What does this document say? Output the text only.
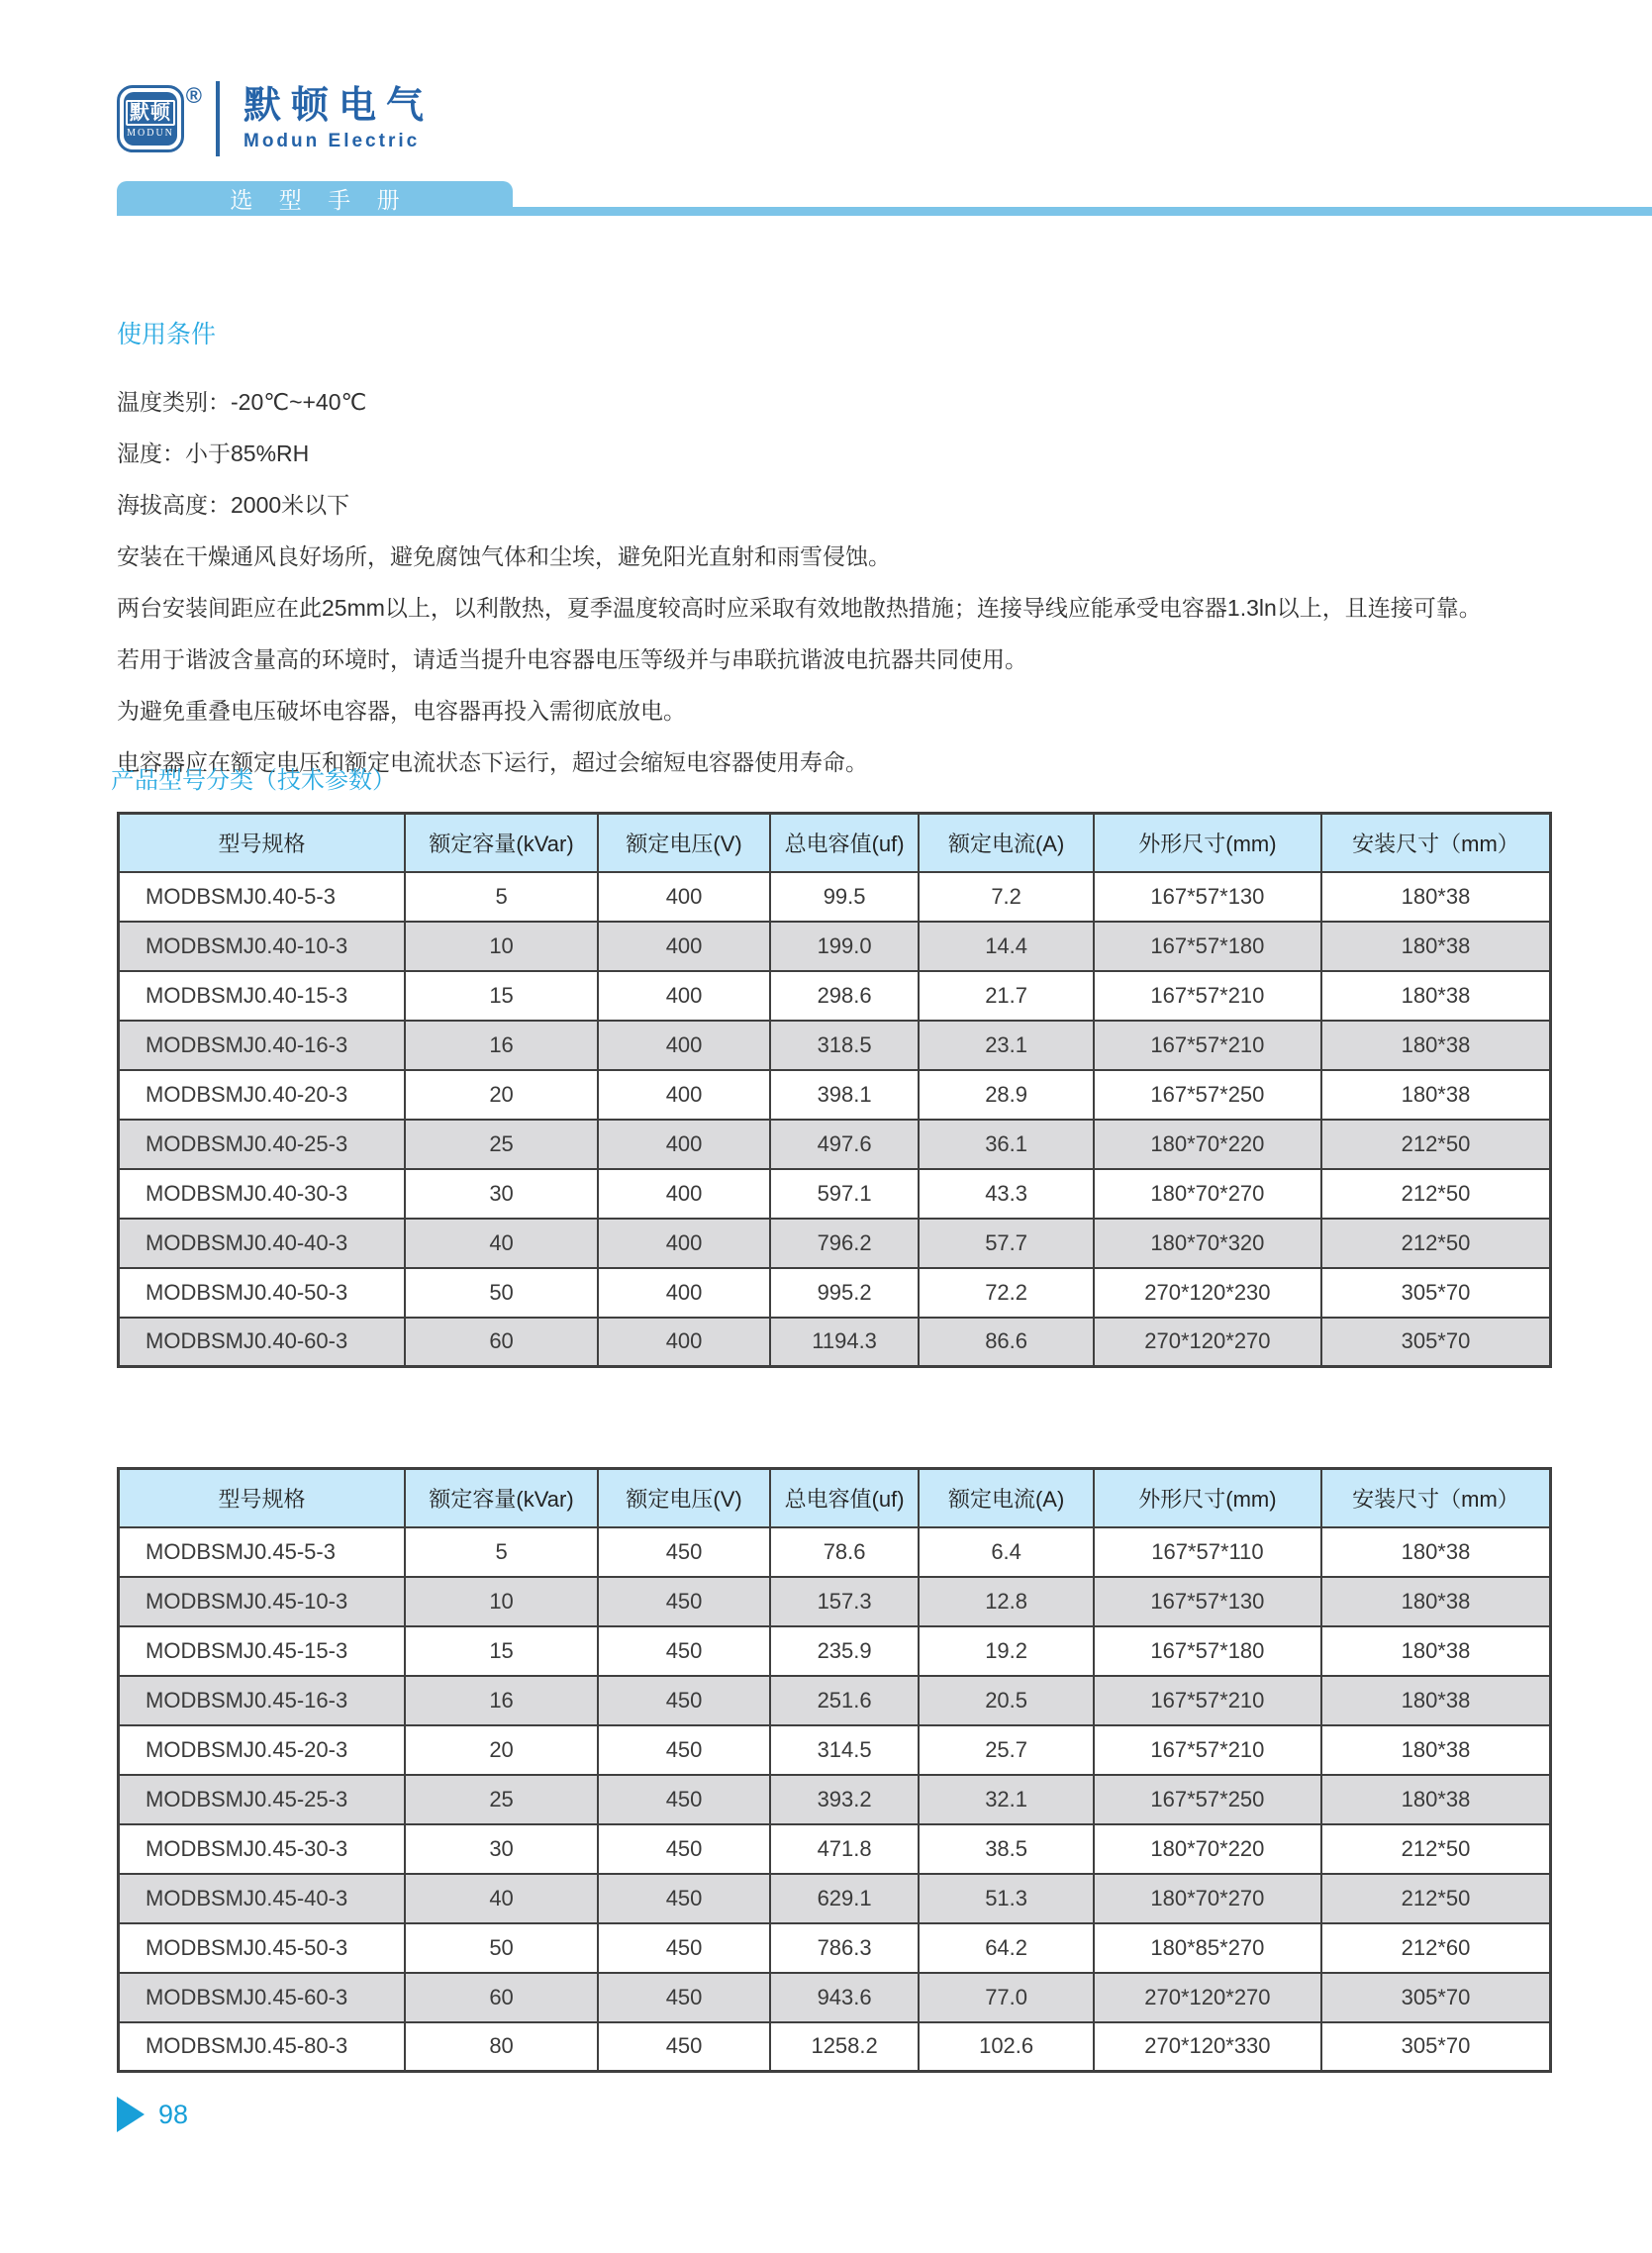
默顿
MODUN
® 默顿电气
Modun Electric
选 型 手 册
使用条件

温度类别：-20℃~+40℃

湿度：小于85%RH

海拔高度：2000米以下

安装在干燥通风良好场所，避免腐蚀气体和尘埃，避免阳光直射和雨雪侵蚀。

两台安装间距应在此25mm以上，以利散热，夏季温度较高时应采取有效地散热措施；连接导线应能承受电容器1.3ln以上，且连接可靠。

若用于谐波含量高的环境时，请适当提升电容器电压等级并与串联抗谐波电抗器共同使用。

为避免重叠电压破坏电容器，电容器再投入需彻底放电。

电容器应在额定电压和额定电流状态下运行，超过会缩短电容器使用寿命。

产品型号分类（技术参数）
型号规格	额定容量(kVar)	额定电压(V)	总电容值(uf)	额定电流(A)	外形尺寸(mm)	安装尺寸（mm）
MODBSMJ0.40-5-3	5	400	99.5	7.2	167*57*130	180*38
MODBSMJ0.40-10-3	10	400	199.0	14.4	167*57*180	180*38
MODBSMJ0.40-15-3	15	400	298.6	21.7	167*57*210	180*38
MODBSMJ0.40-16-3	16	400	318.5	23.1	167*57*210	180*38
MODBSMJ0.40-20-3	20	400	398.1	28.9	167*57*250	180*38
MODBSMJ0.40-25-3	25	400	497.6	36.1	180*70*220	212*50
MODBSMJ0.40-30-3	30	400	597.1	43.3	180*70*270	212*50
MODBSMJ0.40-40-3	40	400	796.2	57.7	180*70*320	212*50
MODBSMJ0.40-50-3	50	400	995.2	72.2	270*120*230	305*70
MODBSMJ0.40-60-3	60	400	1194.3	86.6	270*120*270	305*70
型号规格	额定容量(kVar)	额定电压(V)	总电容值(uf)	额定电流(A)	外形尺寸(mm)	安装尺寸（mm）
MODBSMJ0.45-5-3	5	450	78.6	6.4	167*57*110	180*38
MODBSMJ0.45-10-3	10	450	157.3	12.8	167*57*130	180*38
MODBSMJ0.45-15-3	15	450	235.9	19.2	167*57*180	180*38
MODBSMJ0.45-16-3	16	450	251.6	20.5	167*57*210	180*38
MODBSMJ0.45-20-3	20	450	314.5	25.7	167*57*210	180*38
MODBSMJ0.45-25-3	25	450	393.2	32.1	167*57*250	180*38
MODBSMJ0.45-30-3	30	450	471.8	38.5	180*70*220	212*50
MODBSMJ0.45-40-3	40	450	629.1	51.3	180*70*270	212*50
MODBSMJ0.45-50-3	50	450	786.3	64.2	180*85*270	212*60
MODBSMJ0.45-60-3	60	450	943.6	77.0	270*120*270	305*70
MODBSMJ0.45-80-3	80	450	1258.2	102.6	270*120*330	305*70
98
